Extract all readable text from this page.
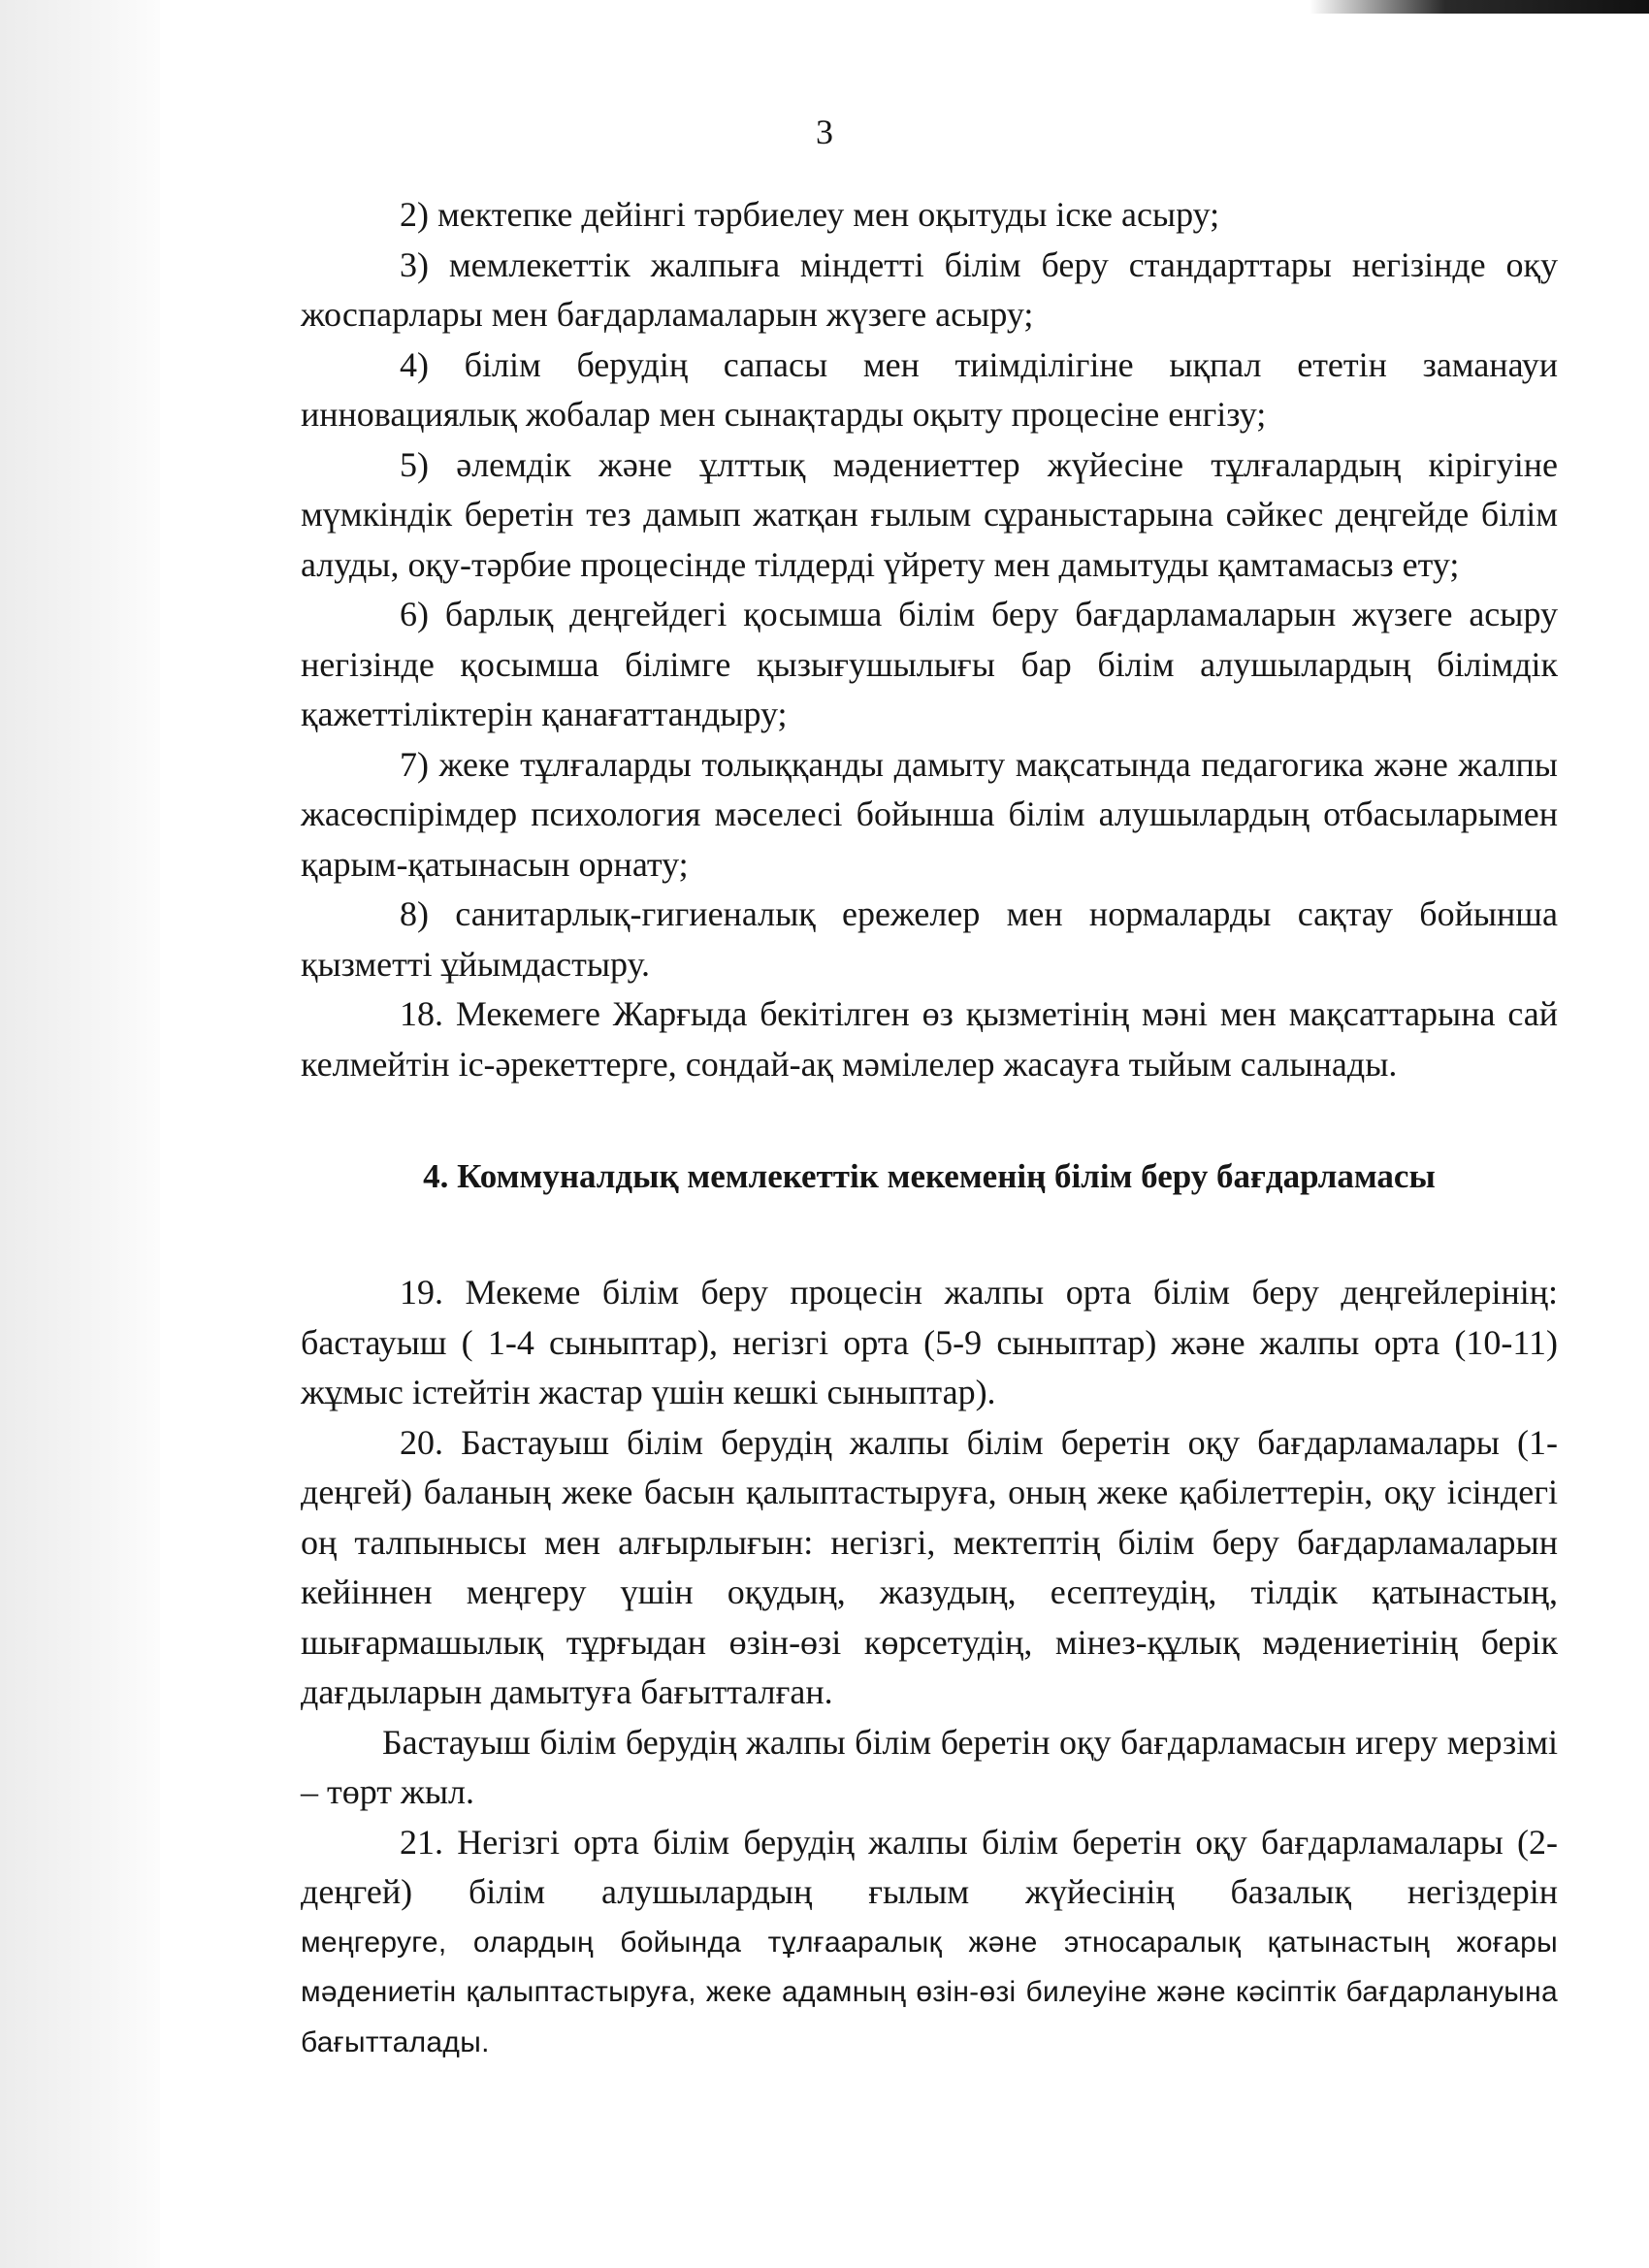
3

2) мектепке дейінгі тәрбиелеу мен оқытуды іске асыру;

3) мемлекеттік жалпыға міндетті білім беру стандарттары негізінде оқу жоспарлары мен бағдарламаларын жүзеге асыру;

4) білім берудің сапасы мен тиімділігіне ықпал ететін заманауи инновациялық жобалар мен сынақтарды оқыту процесіне енгізу;

5) әлемдік және ұлттық мәдениеттер жүйесіне тұлғалардың кірігуіне мүмкіндік беретін тез дамып жатқан ғылым сұраныстарына сәйкес деңгейде білім алуды, оқу-тәрбие процесінде тілдерді үйрету мен дамытуды қамтамасыз ету;

6) барлық деңгейдегі қосымша білім беру бағдарламаларын жүзеге асыру негізінде қосымша білімге қызығушылығы бар білім алушылардың білімдік қажеттіліктерін қанағаттандыру;

7) жеке тұлғаларды толыққанды дамыту мақсатында педагогика және жалпы жасөспірімдер психология мәселесі бойынша білім алушылардың отбасыларымен қарым-қатынасын орнату;

8) санитарлық-гигиеналық ережелер мен нормаларды сақтау бойынша қызметті ұйымдастыру.

18. Мекемеге Жарғыда бекітілген өз қызметінің мәні мен мақсаттарына сай келмейтін іс-әрекеттерге, сондай-ақ мәмілелер жасауға тыйым салынады.

4. Коммуналдық мемлекеттік мекеменің білім беру бағдарламасы

19. Мекеме білім беру процесін жалпы орта білім беру деңгейлерінің: бастауыш ( 1-4 сыныптар), негізгі орта (5-9 сыныптар) және жалпы орта (10-11) жұмыс істейтін жастар үшін кешкі сыныптар).

20. Бастауыш білім берудің жалпы білім беретін оқу бағдарламалары (1-деңгей) баланың жеке басын қалыптастыруға, оның жеке қабілеттерін, оқу ісіндегі оң талпынысы мен алғырлығын: негізгі, мектептің білім беру бағдарламаларын кейіннен меңгеру үшін оқудың, жазудың, есептеудің, тілдік қатынастың, шығармашылық тұрғыдан өзін-өзі көрсетудің, мінез-құлық мәдениетінің берік дағдыларын дамытуға бағытталған.

Бастауыш білім берудің жалпы білім беретін оқу бағдарламасын игеру мерзімі – төрт жыл.

21. Негізгі орта білім берудің жалпы білім беретін оқу бағдарламалары (2-деңгей) білім алушылардың ғылым жүйесінің базалық негіздерін

меңгеруге, олардың бойында тұлғааралық және этносаралық қатынастың жоғары мәдениетін қалыптастыруға, жеке адамның өзін-өзі билеуіне және кәсіптік бағдарлануына бағытталады.
